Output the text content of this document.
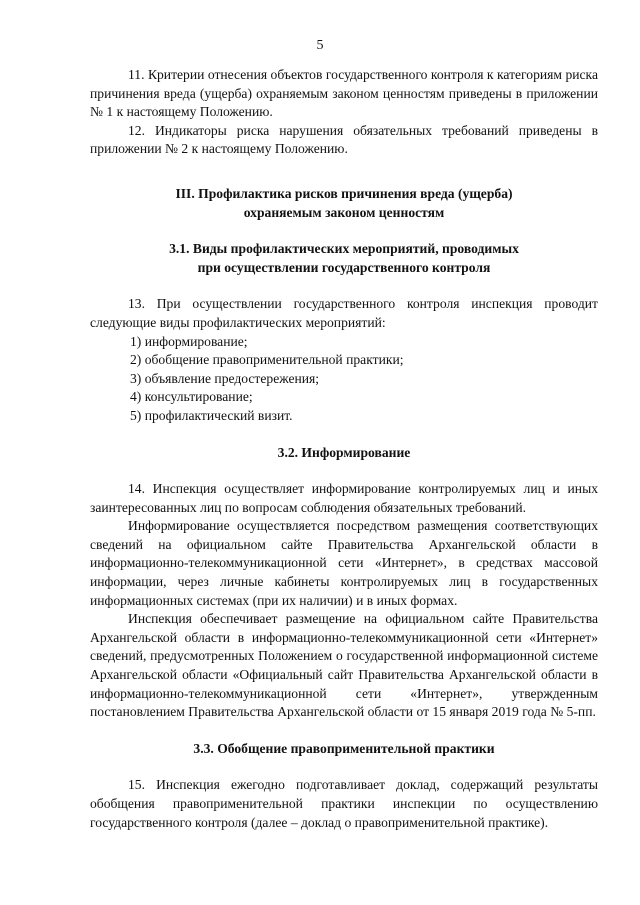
5

11. Критерии отнесения объектов государственного контроля к категориям риска причинения вреда (ущерба) охраняемым законом ценностям приведены в приложении № 1 к настоящему Положению.

12. Индикаторы риска нарушения обязательных требований приведены в приложении № 2 к настоящему Положению.

III. Профилактика рисков причинения вреда (ущерба)
охраняемым законом ценностям
3.1. Виды профилактических мероприятий, проводимых
при осуществлении государственного контроля

13. При осуществлении государственного контроля инспекция проводит следующие виды профилактических мероприятий:

1) информирование;
2) обобщение правоприменительной практики;
3) объявление предостережения;
4) консультирование;
5) профилактический визит.
3.2. Информирование

14. Инспекция осуществляет информирование контролируемых лиц и иных заинтересованных лиц по вопросам соблюдения обязательных требований.

Информирование осуществляется посредством размещения соответствующих сведений на официальном сайте Правительства Архангельской области в информационно-телекоммуникационной сети «Интернет», в средствах массовой информации, через личные кабинеты контролируемых лиц в государственных информационных системах (при их наличии) и в иных формах.

Инспекция обеспечивает размещение на официальном сайте Правительства Архангельской области в информационно-телекоммуникационной сети «Интернет» сведений, предусмотренных Положением о государственной информационной системе Архангельской области «Официальный сайт Правительства Архангельской области в информационно-телекоммуникационной сети «Интернет», утвержденным постановлением Правительства Архангельской области от 15 января 2019 года № 5-пп.

3.3. Обобщение правоприменительной практики

15. Инспекция ежегодно подготавливает доклад, содержащий результаты обобщения правоприменительной практики инспекции по осуществлению государственного контроля (далее – доклад о правоприменительной практике).
